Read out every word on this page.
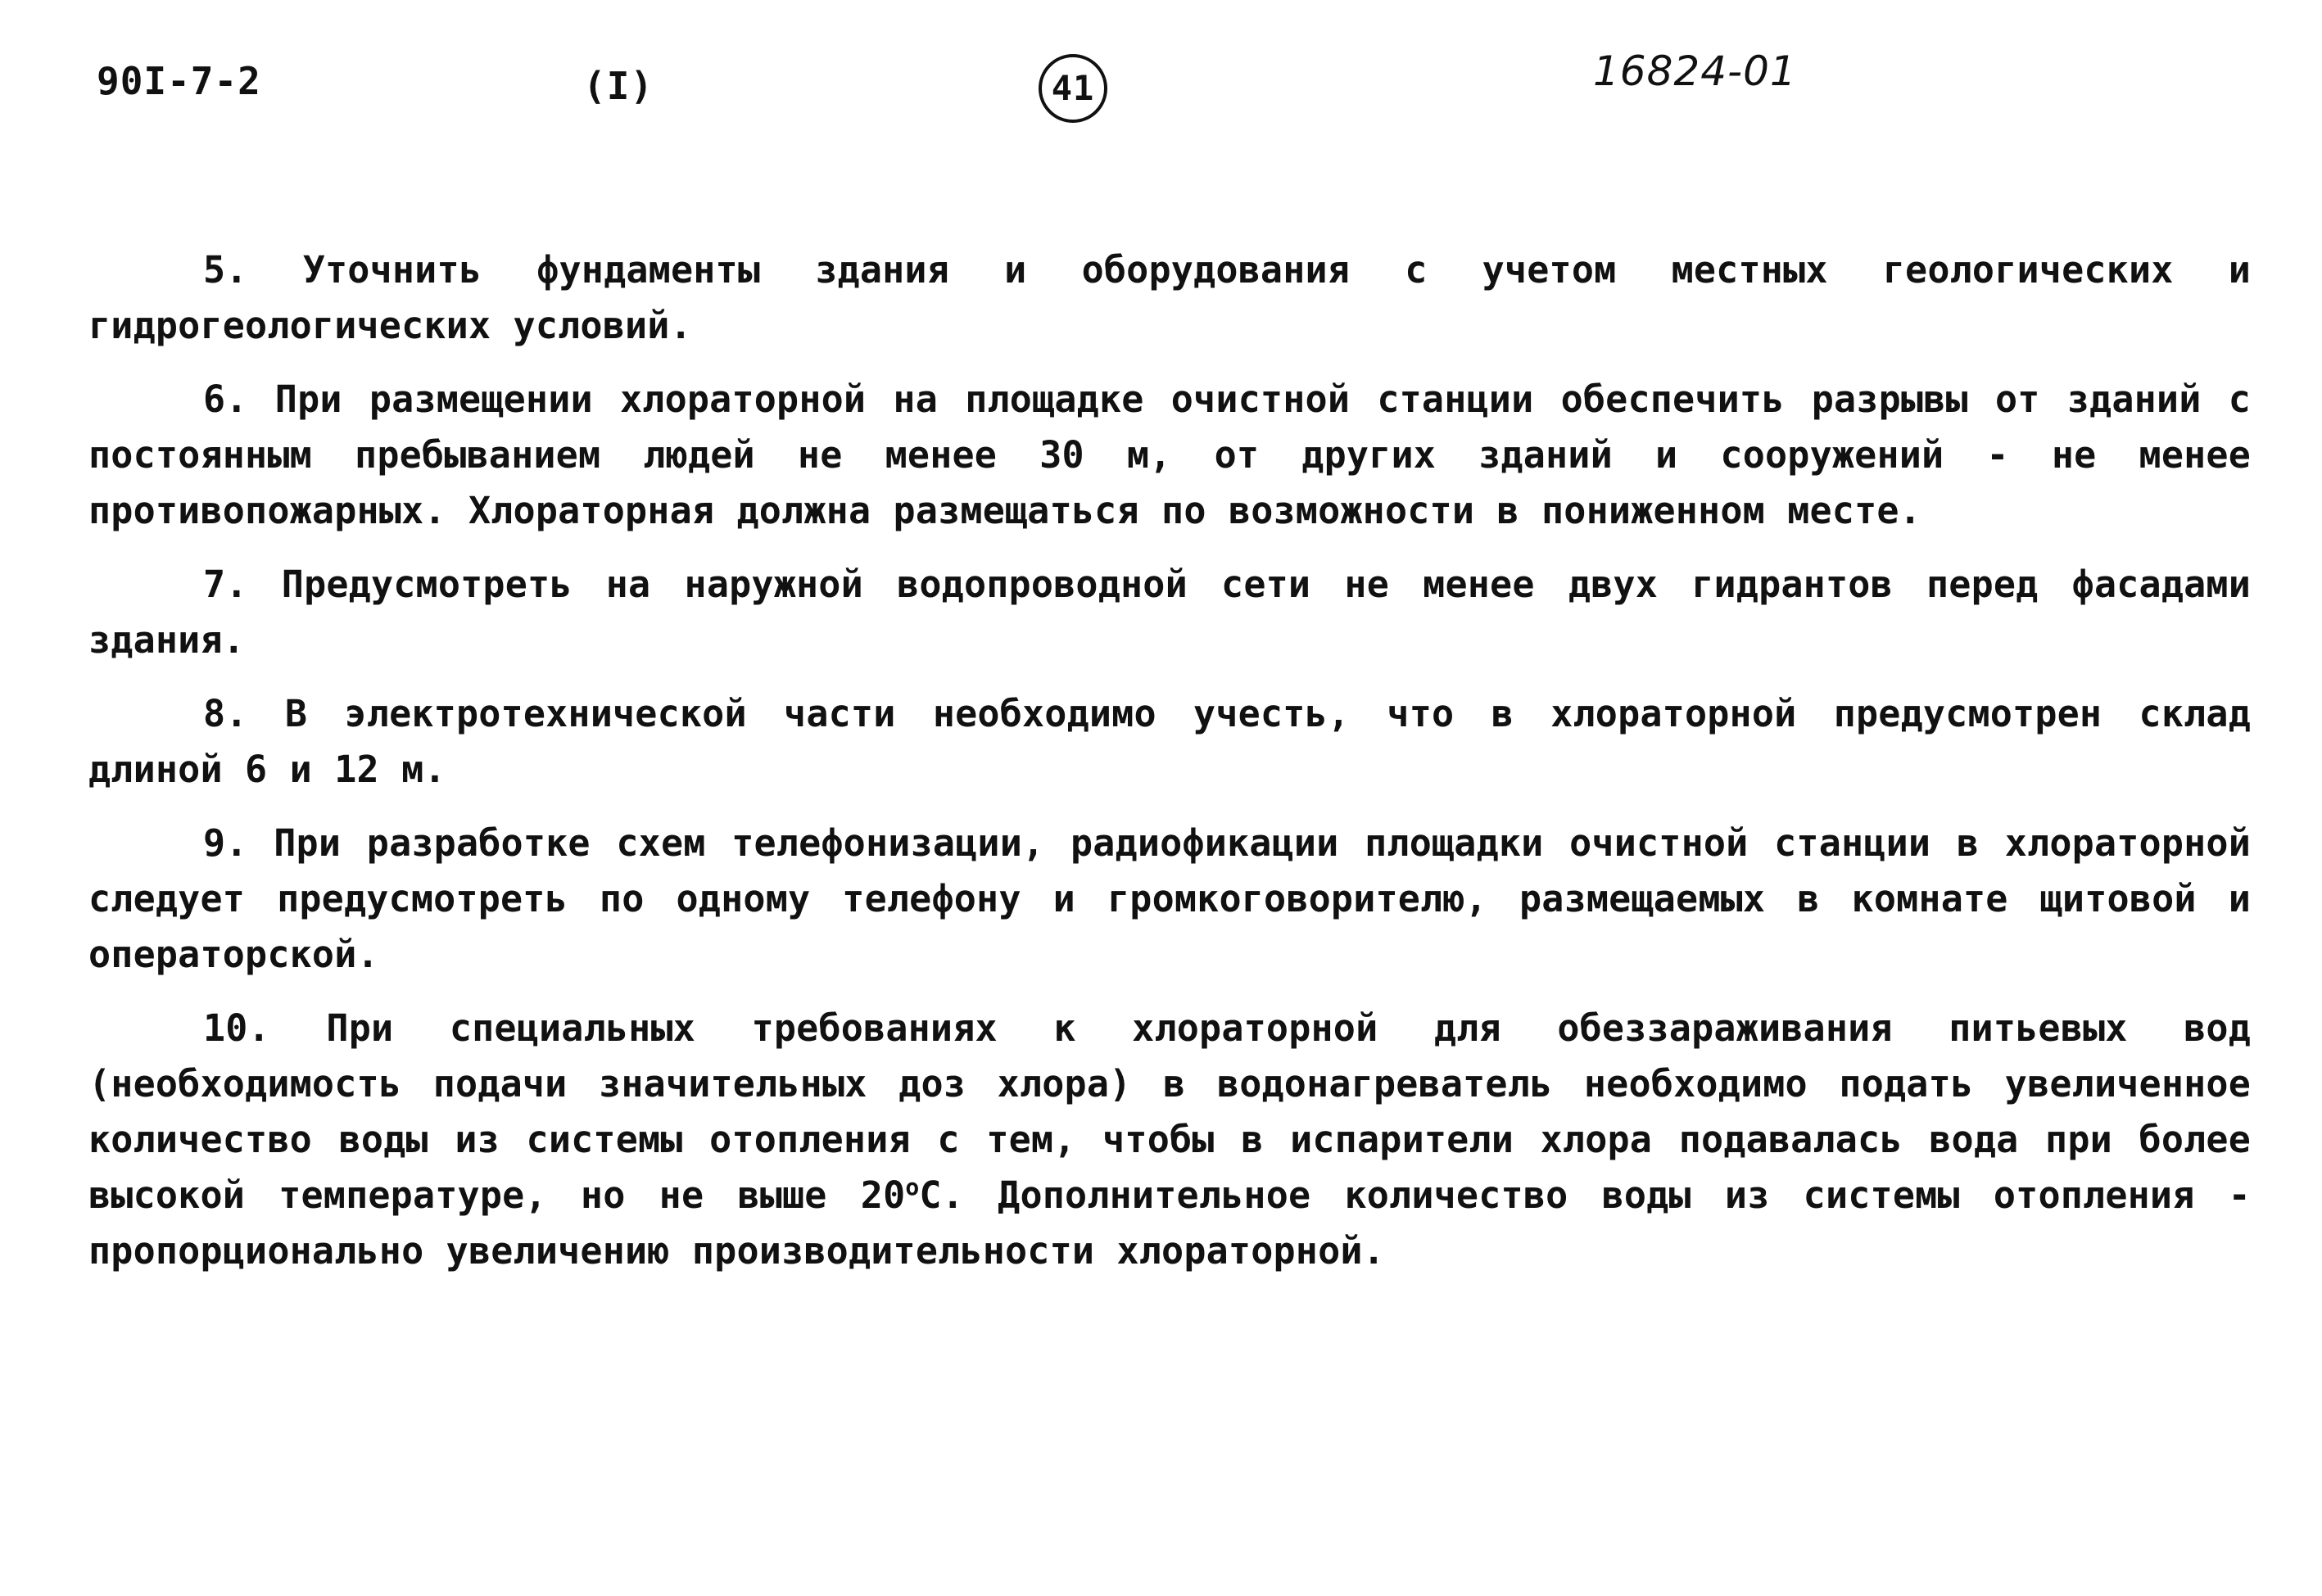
90I-7-2	(I)	41	16824-01

5. Уточнить фундаменты здания и оборудования с учетом местных геологических и гидрогеологических условий.

6. При размещении хлораторной на площадке очистной станции обеспечить разрывы от зданий с постоянным пребыванием людей не менее 30 м, от других зданий и сооружений - не менее противопожарных. Хлораторная должна размещаться по возможности в пониженном месте.

7. Предусмотреть на наружной водопроводной сети не менее двух гидрантов перед фасадами здания.

8. В электротехнической части необходимо учесть, что в хлораторной предусмотрен склад длиной 6 и 12 м.

9. При разработке схем телефонизации, радиофикации площадки очистной станции в хлораторной следует предусмотреть по одному телефону и громкоговорителю, размещаемых в комнате щитовой и операторской.

10. При специальных требованиях к хлораторной для обеззараживания питьевых вод (необходимость подачи значительных доз хлора) в водонагреватель необходимо подать увеличенное количество воды из системы отопления с тем, чтобы в испарители хлора подавалась вода при более высокой температуре, но не выше $20^оС$. Дополнительное количество воды из системы отопления - пропорционально увеличению производительности хлораторной.
